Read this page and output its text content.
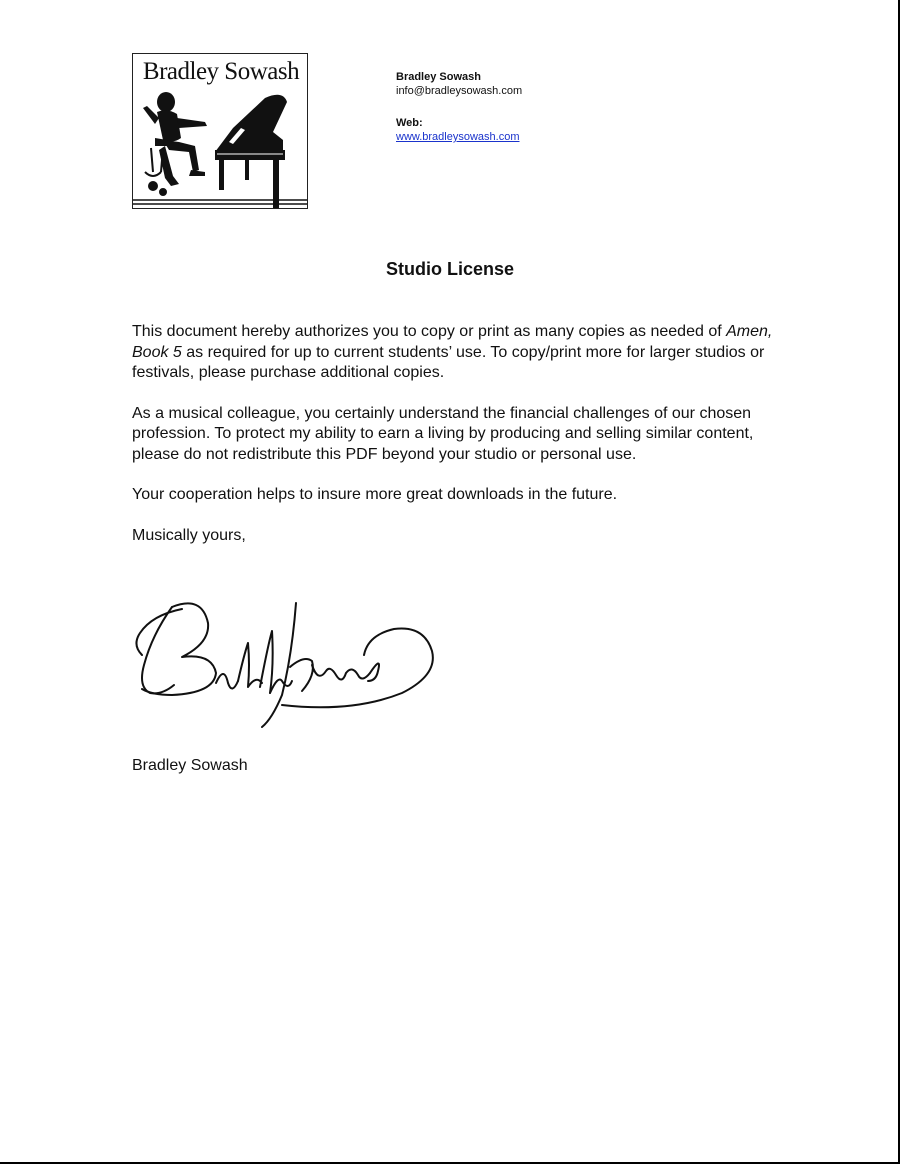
Bradley Sowash	Bradley Sowash
info@bradleysowash.com
Web:
www.bradleysowash.com
Studio License

This document hereby authorizes you to copy or print as many copies as needed of Amen, Book 5 as required for up to current students’ use. To copy/print more for larger studios or festivals, please purchase additional copies.

As a musical colleague, you certainly understand the financial challenges of our chosen profession. To protect my ability to earn a living by producing and selling similar content, please do not redistribute this PDF beyond your studio or personal use.

Your cooperation helps to insure more great downloads in the future.

Musically yours,

Bradley Sowash
